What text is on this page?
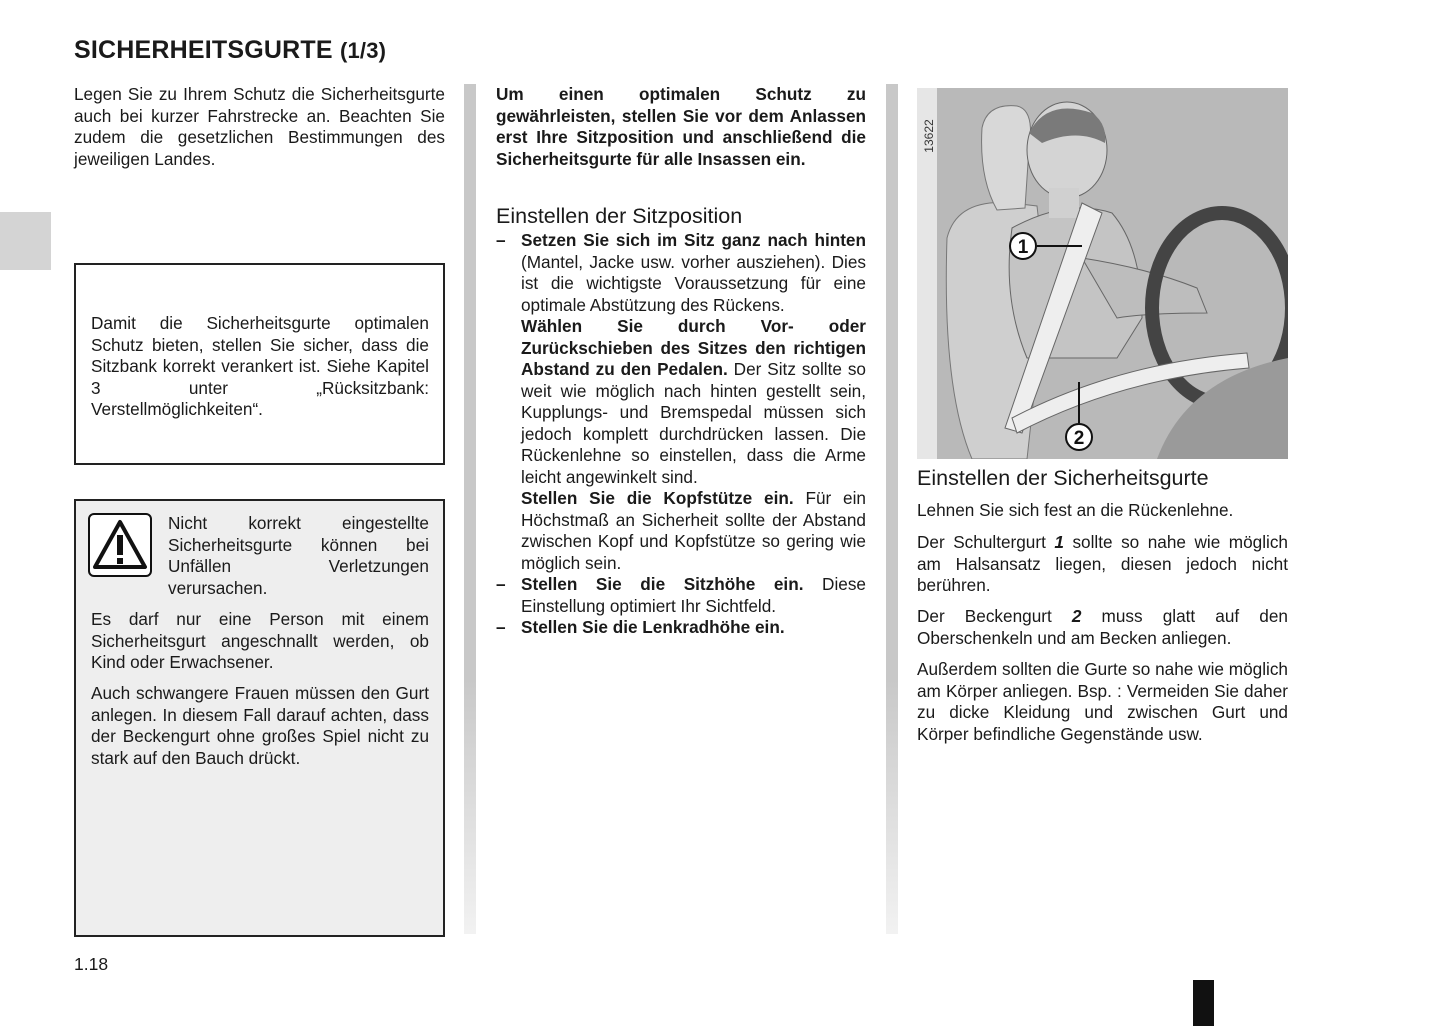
SICHERHEITSGURTE (1/3)

Legen Sie zu Ihrem Schutz die Sicherheitsgurte auch bei kurzer Fahrstrecke an. Beachten Sie zudem die gesetzlichen Bestimmungen des jeweiligen Landes.

Damit die Sicherheitsgurte optimalen Schutz bieten, stellen Sie sicher, dass die Sitzbank korrekt verankert ist. Siehe Kapitel 3 unter „Rücksitzbank: Verstellmöglichkeiten“.

Nicht korrekt eingestellte Sicherheitsgurte können bei Unfällen Verletzungen verursachen.

Es darf nur eine Person mit einem Sicherheitsgurt angeschnallt werden, ob Kind oder Erwachsener.

Auch schwangere Frauen müssen den Gurt anlegen. In diesem Fall darauf achten, dass der Beckengurt ohne großes Spiel nicht zu stark auf den Bauch drückt.

Um einen optimalen Schutz zu gewährleisten, stellen Sie vor dem Anlassen erst Ihre Sitzposition und anschließend die Sicherheitsgurte für alle Insassen ein.

Einstellen der Sitzposition
– Setzen Sie sich im Sitz ganz nach hinten (Mantel, Jacke usw. vorher ausziehen). Dies ist die wichtigste Voraussetzung für eine optimale Abstützung des Rückens.
Wählen Sie durch Vor- oder Zurückschieben des Sitzes den richtigen Abstand zu den Pedalen. Der Sitz sollte so weit wie möglich nach hinten gestellt sein, Kupplungs- und Bremspedal müssen sich jedoch komplett durchdrücken lassen. Die Rückenlehne so einstellen, dass die Arme leicht angewinkelt sind.
Stellen Sie die Kopfstütze ein. Für ein Höchstmaß an Sicherheit sollte der Abstand zwischen Kopf und Kopfstütze so gering wie möglich sein.
– Stellen Sie die Sitzhöhe ein. Diese Einstellung optimiert Ihr Sichtfeld.
– Stellen Sie die Lenkradhöhe ein.
1
2
13622
Einstellen der Sicherheitsgurte

Lehnen Sie sich fest an die Rückenlehne.

Der Schultergurt 1 sollte so nahe wie möglich am Halsansatz liegen, diesen jedoch nicht berühren.

Der Beckengurt 2 muss glatt auf den Oberschenkeln und am Becken anliegen.

Außerdem sollten die Gurte so nahe wie möglich am Körper anliegen. Bsp. : Vermeiden Sie daher zu dicke Kleidung und zwischen Gurt und Körper befindliche Gegenstände usw.

1.18
